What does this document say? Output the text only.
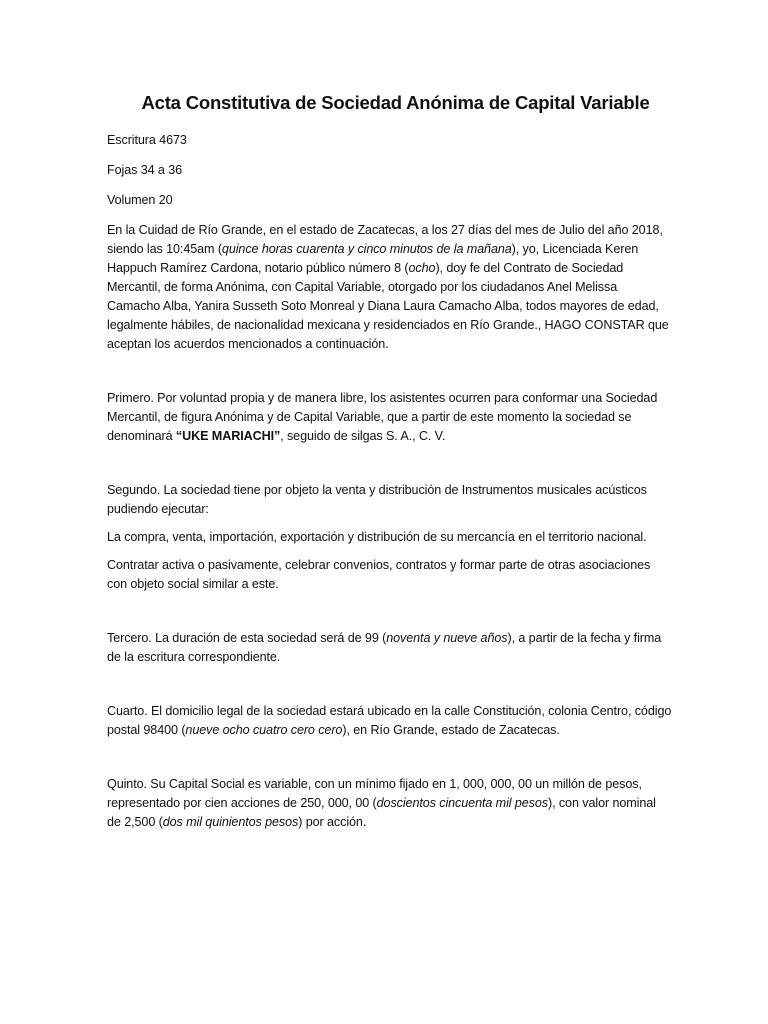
Acta Constitutiva de Sociedad Anónima de Capital Variable

Escritura 4673

Fojas 34 a 36

Volumen 20

En la Cuidad de Río Grande, en el estado de Zacatecas, a los 27 días del mes de Julio del año 2018, siendo las 10:45am (quince horas cuarenta y cinco minutos de la mañana), yo, Licenciada Keren Happuch Ramírez Cardona, notario público número 8 (ocho), doy fe del Contrato de Sociedad Mercantil, de forma Anónima, con Capital Variable, otorgado por los ciudadanos Anel Melissa Camacho Alba, Yanira Susseth Soto Monreal y Diana Laura Camacho Alba, todos mayores de edad, legalmente hábiles, de nacionalidad mexicana y residenciados en Río Grande., HAGO CONSTAR que aceptan los acuerdos mencionados a continuación.

Primero. Por voluntad propia y de manera libre, los asistentes ocurren para conformar una Sociedad Mercantil, de figura Anónima y de Capital Variable, que a partir de este momento la sociedad se denominará “UKE MARIACHI”, seguido de silgas S. A., C. V.

Segundo. La sociedad tiene por objeto la venta y distribución de Instrumentos musicales acústicos pudiendo ejecutar:

La compra, venta, importación, exportación y distribución de su mercancía en el territorio nacional.

Contratar activa o pasivamente, celebrar convenios, contratos y formar parte de otras asociaciones con objeto social similar a este.

Tercero. La duración de esta sociedad será de 99 (noventa y nueve años), a partir de la fecha y firma de la escritura correspondiente.

Cuarto. El domicilio legal de la sociedad estará ubicado en la calle Constitución, colonia Centro, código postal 98400 (nueve ocho cuatro cero cero), en Río Grande, estado de Zacatecas.

Quinto. Su Capital Social es variable, con un mínimo fijado en 1, 000, 000, 00 un millón de pesos, representado por cien acciones de 250, 000, 00 (doscientos cincuenta mil pesos), con valor nominal de 2,500 (dos mil quinientos pesos) por acción.
